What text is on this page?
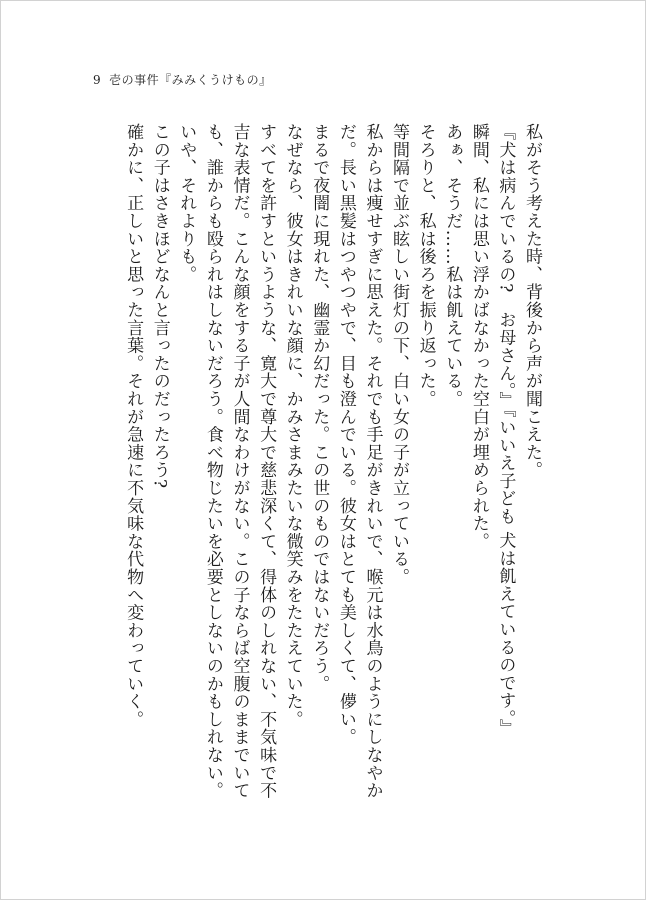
9 壱の事件『みみくうけもの』

私がそう考えた時、背後から声が聞こえた。

『犬は病んでいるの?　お母さん。』『いいえ子ども 犬は飢えているのです。』

瞬間、私には思い浮かばなかった空白が埋められた。

あぁ、そうだ……私は飢えている。

そろりと、私は後ろを振り返った。

等間隔で並ぶ眩しい街灯の下、白い女の子が立っている。

私からは痩せすぎに思えた。それでも手足がきれいで、喉元は水鳥のようにしなやかだ。長い黒髪はつやつやで、目も澄んでいる。彼女はとても美しくて、儚い。

まるで夜闇に現れた、幽霊か幻だった。この世のものではないだろう。

なぜなら、彼女はきれいな顔に、かみさまみたいな微笑みをたたえていた。

すべてを許すというような、寛大で尊大で慈悲深くて、得体のしれない、不気味で不吉な表情だ。こんな顔をする子が人間なわけがない。この子ならば空腹のままでいても、誰からも殴られはしないだろう。食べ物じたいを必要としないのかもしれない。

いや、それよりも。

この子はさきほどなんと言ったのだったろう?

確かに、正しいと思った言葉。それが急速に不気味な代物へ変わっていく。
